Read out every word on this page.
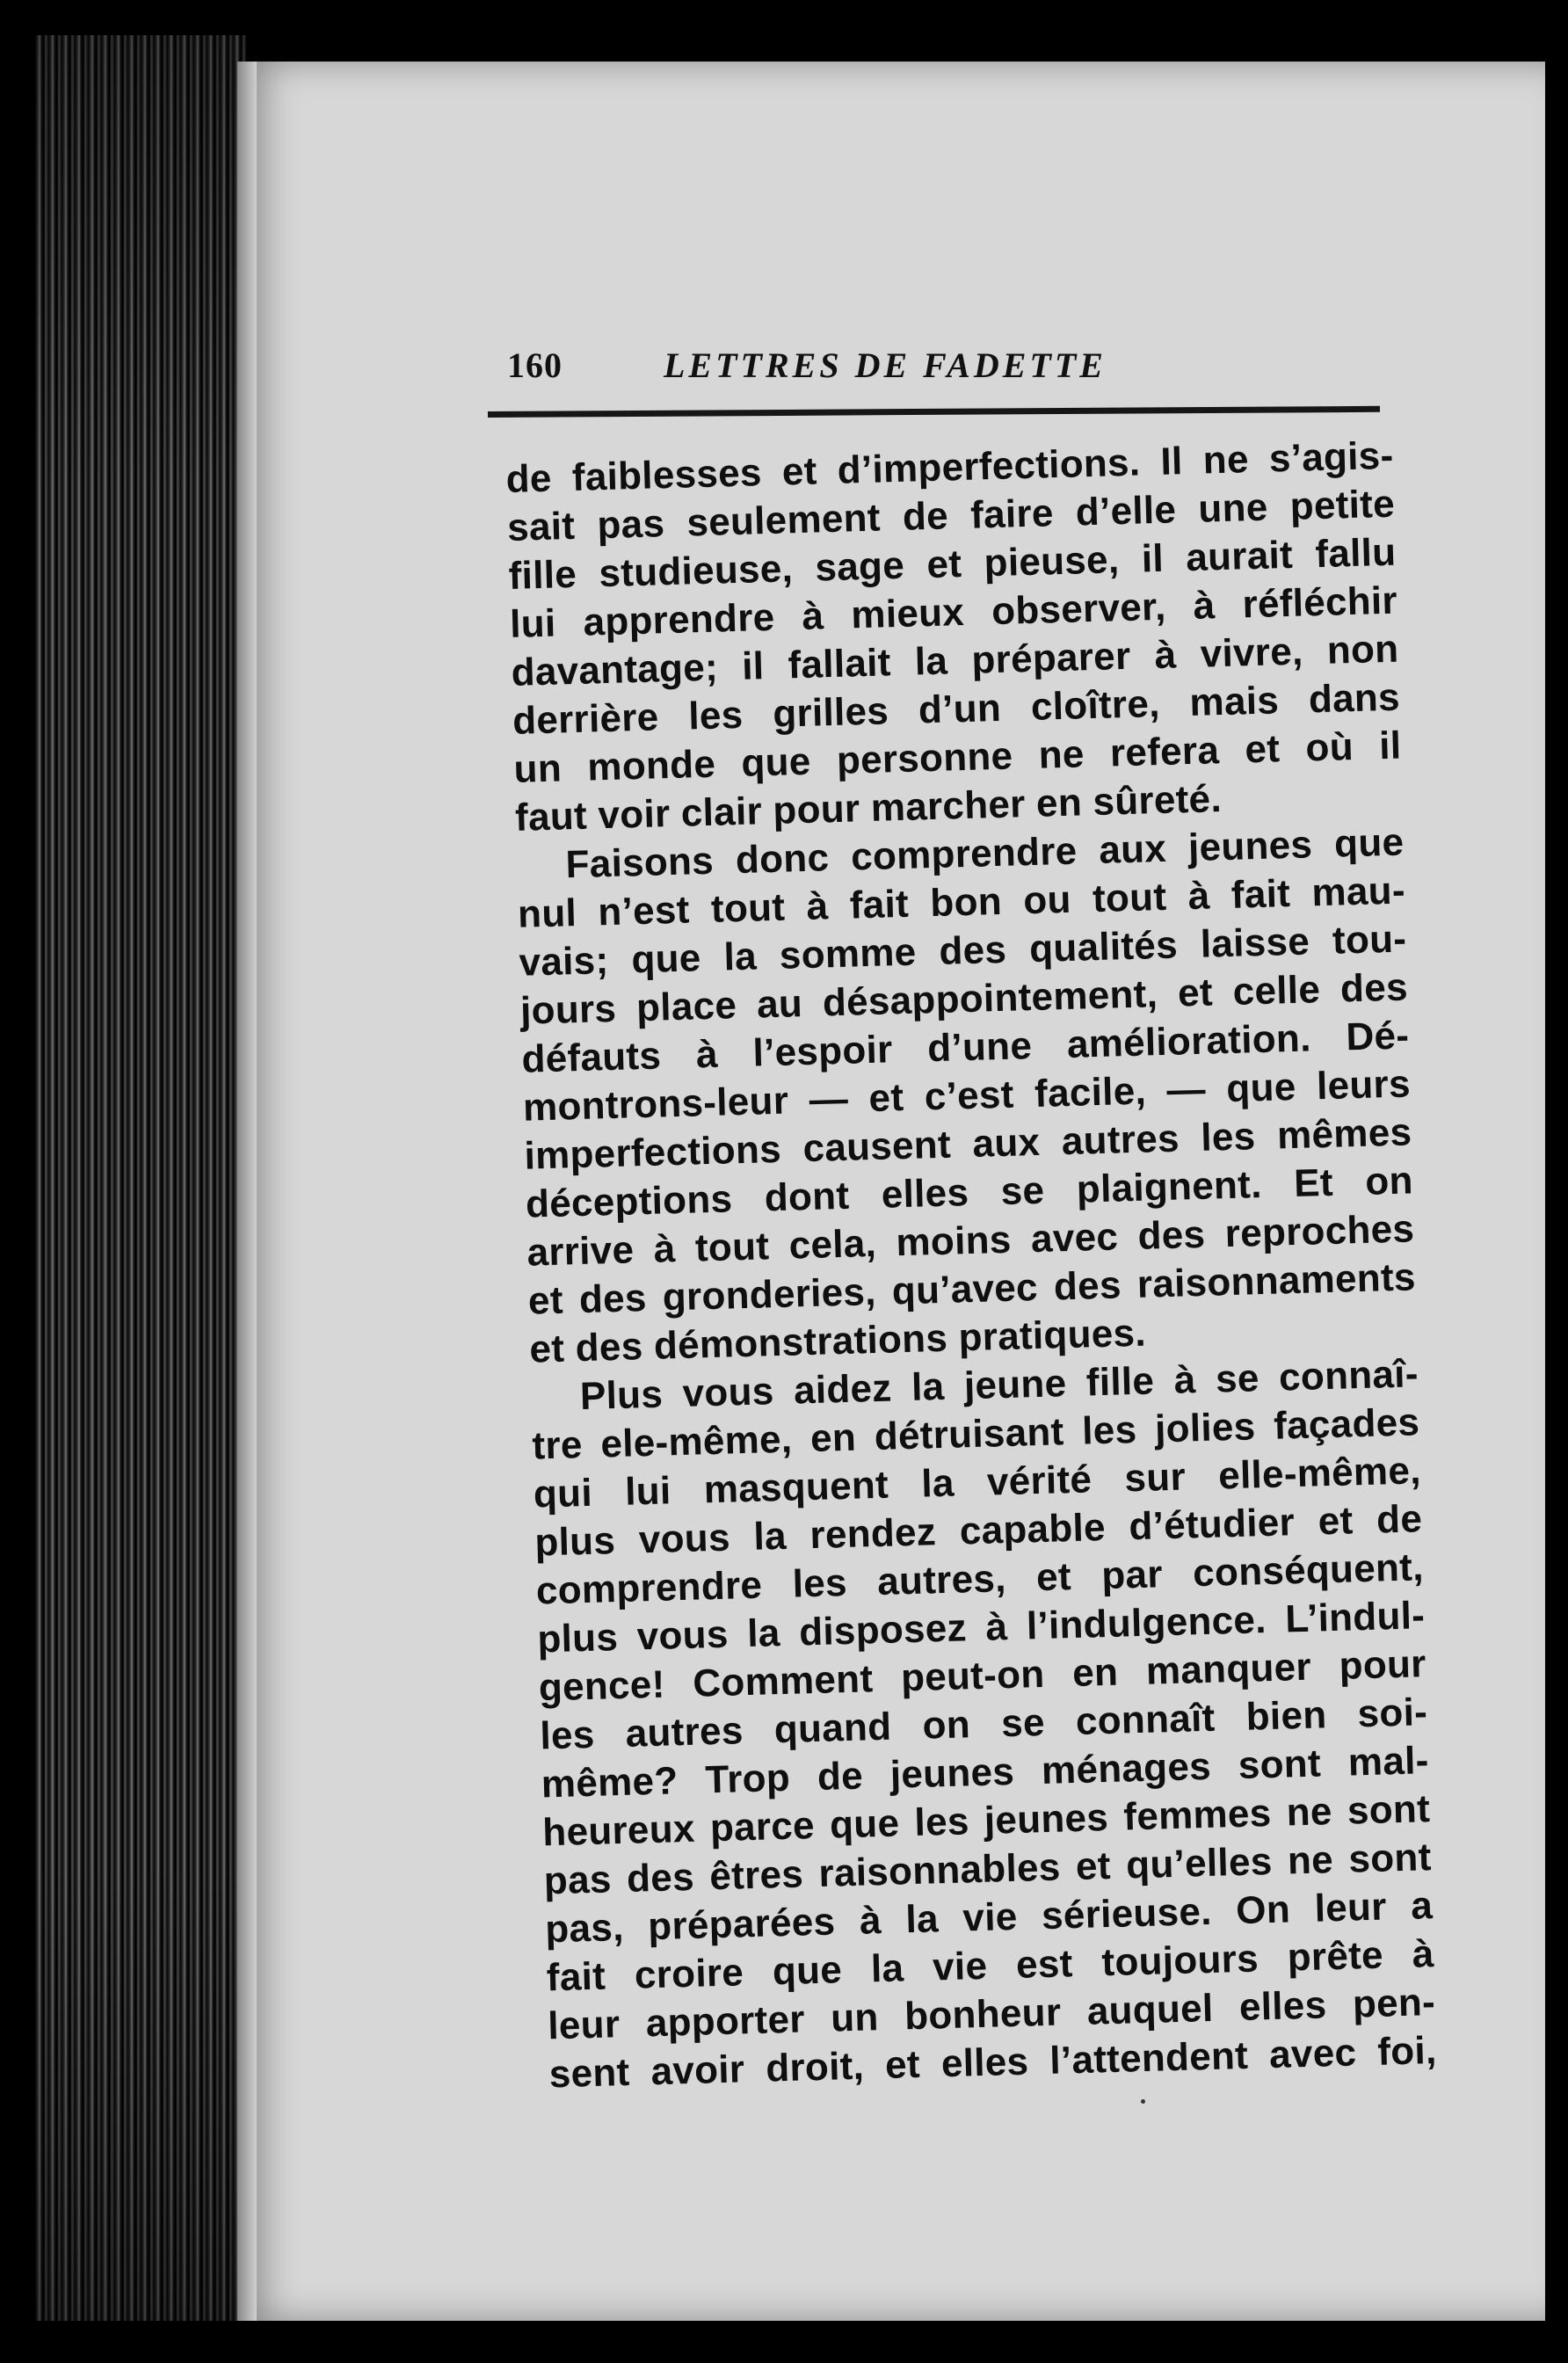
160	LETTRES DE FADETTE
de faiblesses et d’imperfections. Il ne s’agis-
sait pas seulement de faire d’elle une petite
fille studieuse, sage et pieuse, il aurait fallu
lui apprendre à mieux observer, à réfléchir
davantage; il fallait la préparer à vivre, non
derrière les grilles d’un cloître, mais dans
un monde que personne ne refera et où il
faut voir clair pour marcher en sûreté.
Faisons donc comprendre aux jeunes que
nul n’est tout à fait bon ou tout à fait mau-
vais; que la somme des qualités laisse tou-
jours place au désappointement, et celle des
défauts à l’espoir d’une amélioration. Dé-
montrons-leur — et c’est facile, — que leurs
imperfections causent aux autres les mêmes
déceptions dont elles se plaignent. Et on
arrive à tout cela, moins avec des reproches
et des gronderies, qu’avec des raisonnaments
et des démonstrations pratiques.
Plus vous aidez la jeune fille à se connaî-
tre ele-même, en détruisant les jolies façades
qui lui masquent la vérité sur elle-même,
plus vous la rendez capable d’étudier et de
comprendre les autres, et par conséquent,
plus vous la disposez à l’indulgence. L’indul-
gence! Comment peut-on en manquer pour
les autres quand on se connaît bien soi-
même? Trop de jeunes ménages sont mal-
heureux parce que les jeunes femmes ne sont
pas des êtres raisonnables et qu’elles ne sont
pas, préparées à la vie sérieuse. On leur a
fait croire que la vie est toujours prête à
leur apporter un bonheur auquel elles pen-
sent avoir droit, et elles l’attendent avec foi,
